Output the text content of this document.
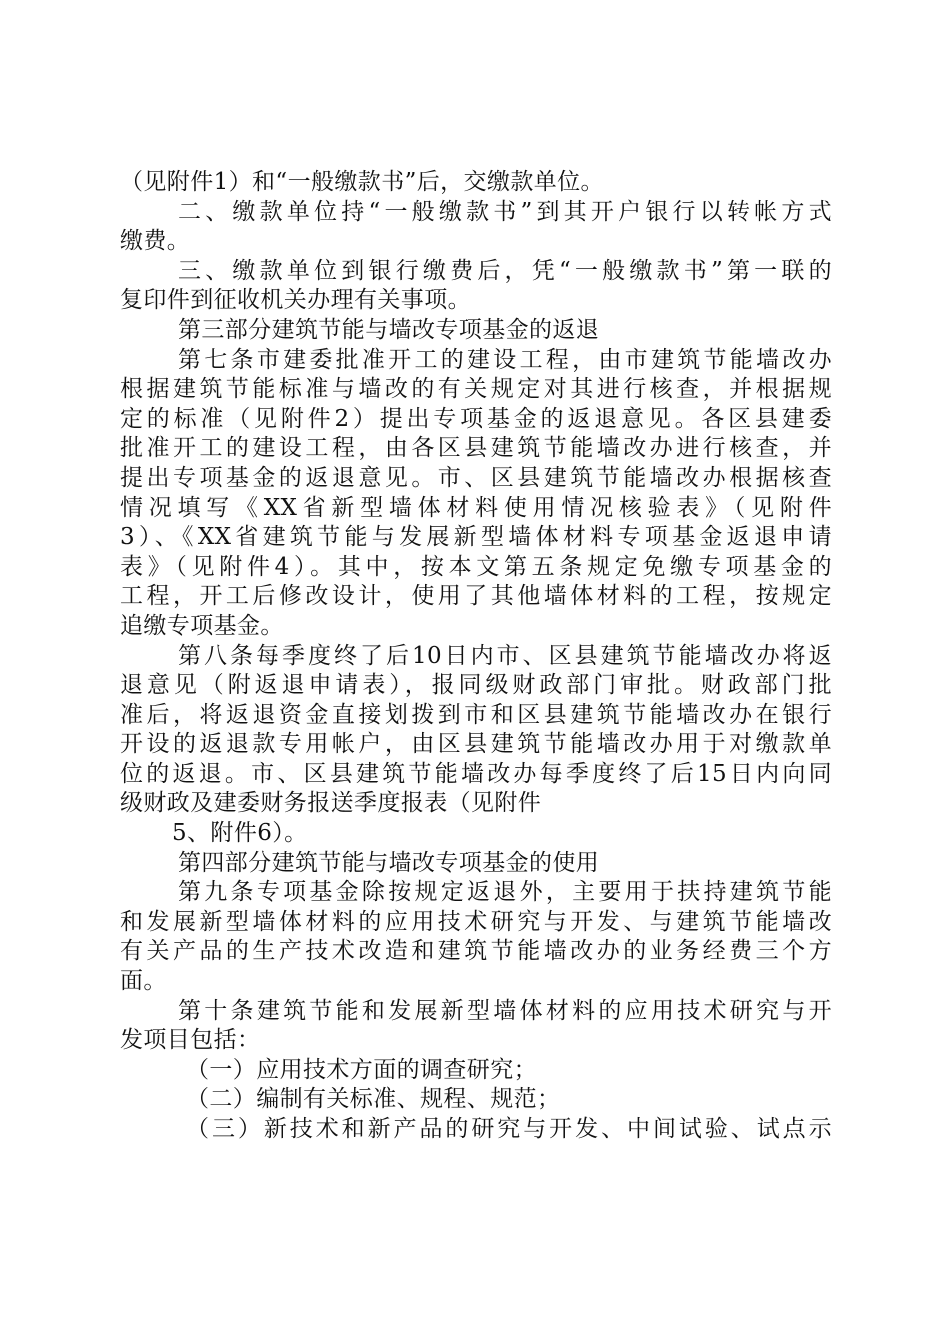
（见附件1）和“一般缴款书”后，交缴款单位。
二、缴款单位持“一般缴款书”到其开户银行以转帐方式
缴费。
三、缴款单位到银行缴费后，凭“一般缴款书”第一联的
复印件到征收机关办理有关事项。
第三部分建筑节能与墙改专项基金的返退
第七条市建委批准开工的建设工程，由市建筑节能墙改办
根据建筑节能标准与墙改的有关规定对其进行核查，并根据规
定的标准（见附件2）提出专项基金的返退意见。各区县建委
批准开工的建设工程，由各区县建筑节能墙改办进行核查，并
提出专项基金的返退意见。市、区县建筑节能墙改办根据核查
情况填写《XX省新型墙体材料使用情况核验表》（见附件
3）、《XX省建筑节能与发展新型墙体材料专项基金返退申请
表》（见附件4）。其中，按本文第五条规定免缴专项基金的
工程，开工后修改设计，使用了其他墙体材料的工程，按规定
追缴专项基金。
第八条每季度终了后10日内市、区县建筑节能墙改办将返
退意见（附返退申请表），报同级财政部门审批。财政部门批
准后，将返退资金直接划拨到市和区县建筑节能墙改办在银行
开设的返退款专用帐户，由区县建筑节能墙改办用于对缴款单
位的返退。市、区县建筑节能墙改办每季度终了后15日内向同
级财政及建委财务报送季度报表（见附件
5、附件6）。
第四部分建筑节能与墙改专项基金的使用
第九条专项基金除按规定返退外，主要用于扶持建筑节能
和发展新型墙体材料的应用技术研究与开发、与建筑节能墙改
有关产品的生产技术改造和建筑节能墙改办的业务经费三个方
面。
第十条建筑节能和发展新型墙体材料的应用技术研究与开
发项目包括：
（一）应用技术方面的调查研究；
（二）编制有关标准、规程、规范；
（三）新技术和新产品的研究与开发、中间试验、试点示
